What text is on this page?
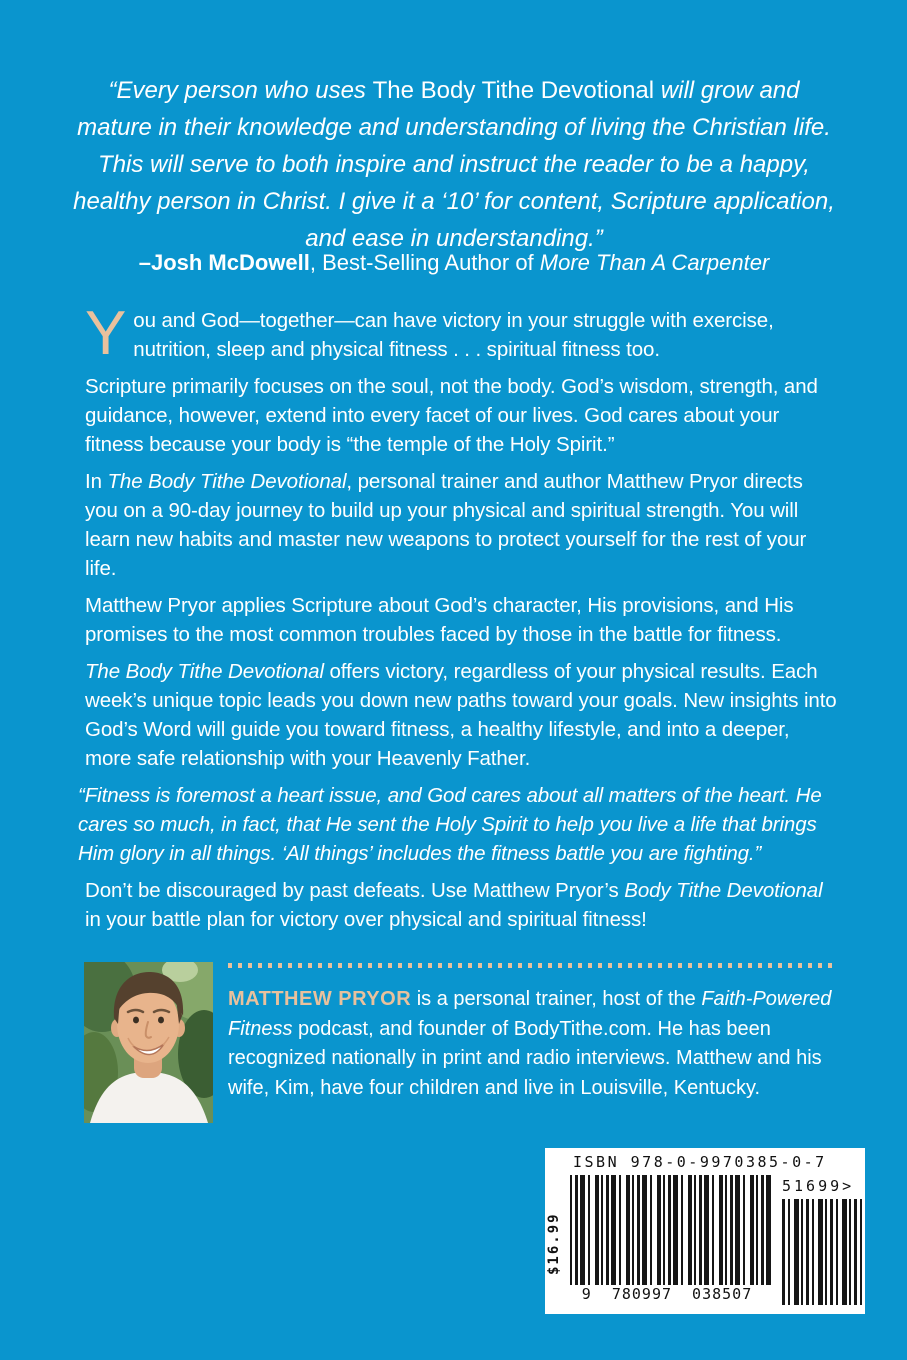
“Every person who uses The Body Tithe Devotional will grow and mature in their knowledge and understanding of living the Christian life. This will serve to both inspire and instruct the reader to be a happy, healthy person in Christ. I give it a ‘10’ for content, Scripture application, and ease in understanding.”
–Josh McDowell, Best-Selling Author of More Than A Carpenter

You and God—together—can have victory in your struggle with exercise, nutrition, sleep and physical fitness . . . spiritual fitness too.

Scripture primarily focuses on the soul, not the body. God’s wisdom, strength, and guidance, however, extend into every facet of our lives. God cares about your fitness because your body is “the temple of the Holy Spirit.”

In The Body Tithe Devotional, personal trainer and author Matthew Pryor directs you on a 90-day journey to build up your physical and spiritual strength. You will learn new habits and master new weapons to protect yourself for the rest of your life.

Matthew Pryor applies Scripture about God’s character, His provisions, and His promises to the most common troubles faced by those in the battle for fitness.

The Body Tithe Devotional offers victory, regardless of your physical results. Each week’s unique topic leads you down new paths toward your goals. New insights into God’s Word will guide you toward fitness, a healthy lifestyle, and into a deeper, more safe relationship with your Heavenly Father.

“Fitness is foremost a heart issue, and God cares about all matters of the heart. He cares so much, in fact, that He sent the Holy Spirit to help you live a life that brings Him glory in all things. ‘All things’ includes the fitness battle you are fighting.”

Don’t be discouraged by past defeats. Use Matthew Pryor’s Body Tithe Devotional in your battle plan for victory over physical and spiritual fitness!

MATTHEW PRYOR is a personal trainer, host of the Faith-Powered Fitness podcast, and founder of BodyTithe.com. He has been recognized nationally in print and radio interviews. Matthew and his wife, Kim, have four children and live in Louisville, Kentucky.
ISBN 978-0-9970385-0-7
$16.99
51699>
9 780997 038507
